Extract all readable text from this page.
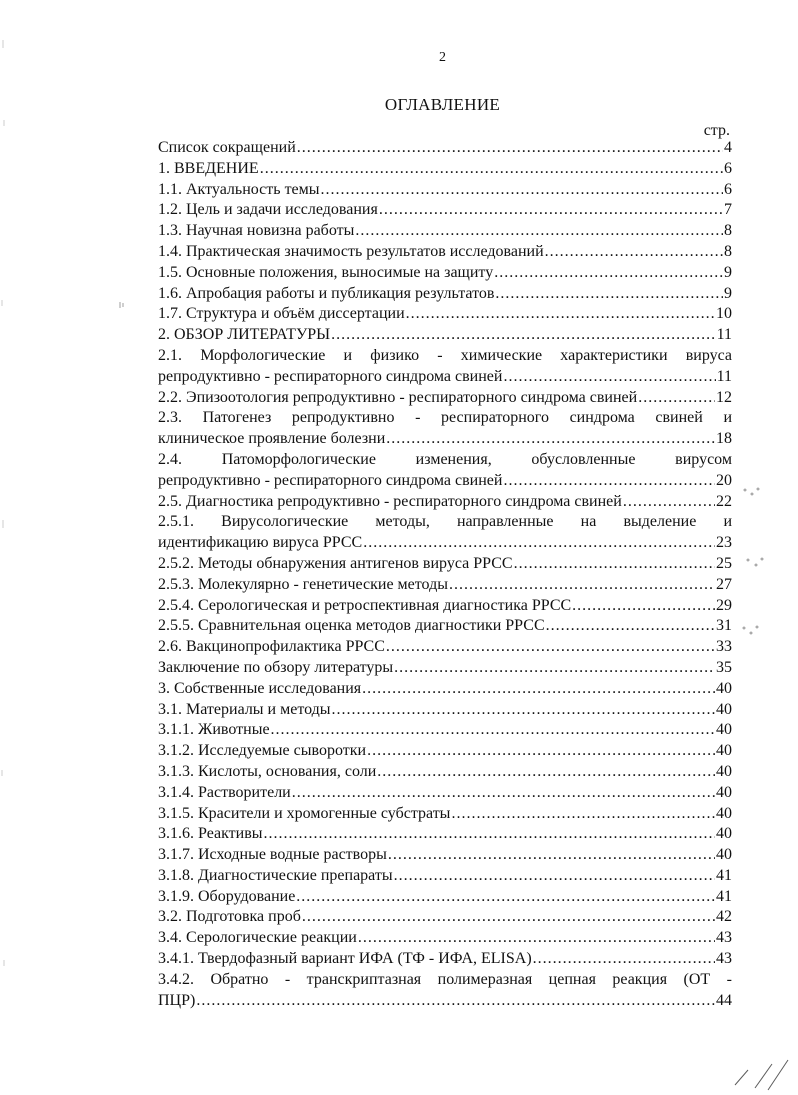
2
ОГЛАВЛЕНИЕ
стр.
Список сокращений .....	4
1. ВВЕДЕНИЕ .....	6
1.1. Актуальность темы .....	6
1.2. Цель и задачи исследования .....	7
1.3. Научная новизна работы .....	8
1.4. Практическая значимость результатов исследований .....	8
1.5. Основные положения, выносимые на защиту .....	9
1.6. Апробация работы и публикация результатов .....	9
1.7. Структура и объём диссертации .....	10
2. ОБЗОР ЛИТЕРАТУРЫ .....	11
2.1. Морфологические и физико - химические характеристики вируса
репродуктивно - респираторного синдрома свиней .....	11
2.2. Эпизоотология репродуктивно - респираторного синдрома свиней .....	12
2.3. Патогенез репродуктивно - респираторного синдрома свиней и
клиническое проявление болезни .....	18
2.4. Патоморфологические изменения, обусловленные вирусом
репродуктивно - респираторного синдрома свиней .....	20
2.5. Диагностика репродуктивно - респираторного синдрома свиней .....	22
2.5.1. Вирусологические методы, направленные на выделение и
идентификацию вируса РРСС .....	23
2.5.2. Методы обнаружения антигенов вируса РРСС .....	25
2.5.3. Молекулярно - генетические методы .....	27
2.5.4. Серологическая и ретроспективная диагностика РРСС .....	29
2.5.5. Сравнительная оценка методов диагностики РРСС .....	31
2.6. Вакцинопрофилактика РРСС .....	33
Заключение по обзору литературы .....	35
3. Собственные исследования .....	40
3.1. Материалы и методы .....	40
3.1.1. Животные .....	40
3.1.2. Исследуемые сыворотки .....	40
3.1.3. Кислоты, основания, соли .....	40
3.1.4. Растворители .....	40
3.1.5. Красители и хромогенные субстраты .....	40
3.1.6. Реактивы .....	40
3.1.7. Исходные водные растворы .....	40
3.1.8. Диагностические препараты .....	41
3.1.9. Оборудование .....	41
3.2. Подготовка проб .....	42
3.4. Серологические реакции .....	43
3.4.1. Твердофазный вариант ИФА (ТФ - ИФА, ELISA) .....	43
3.4.2. Обратно - транскриптазная полимеразная цепная реакция (ОТ -
ПЦР) .....	44
